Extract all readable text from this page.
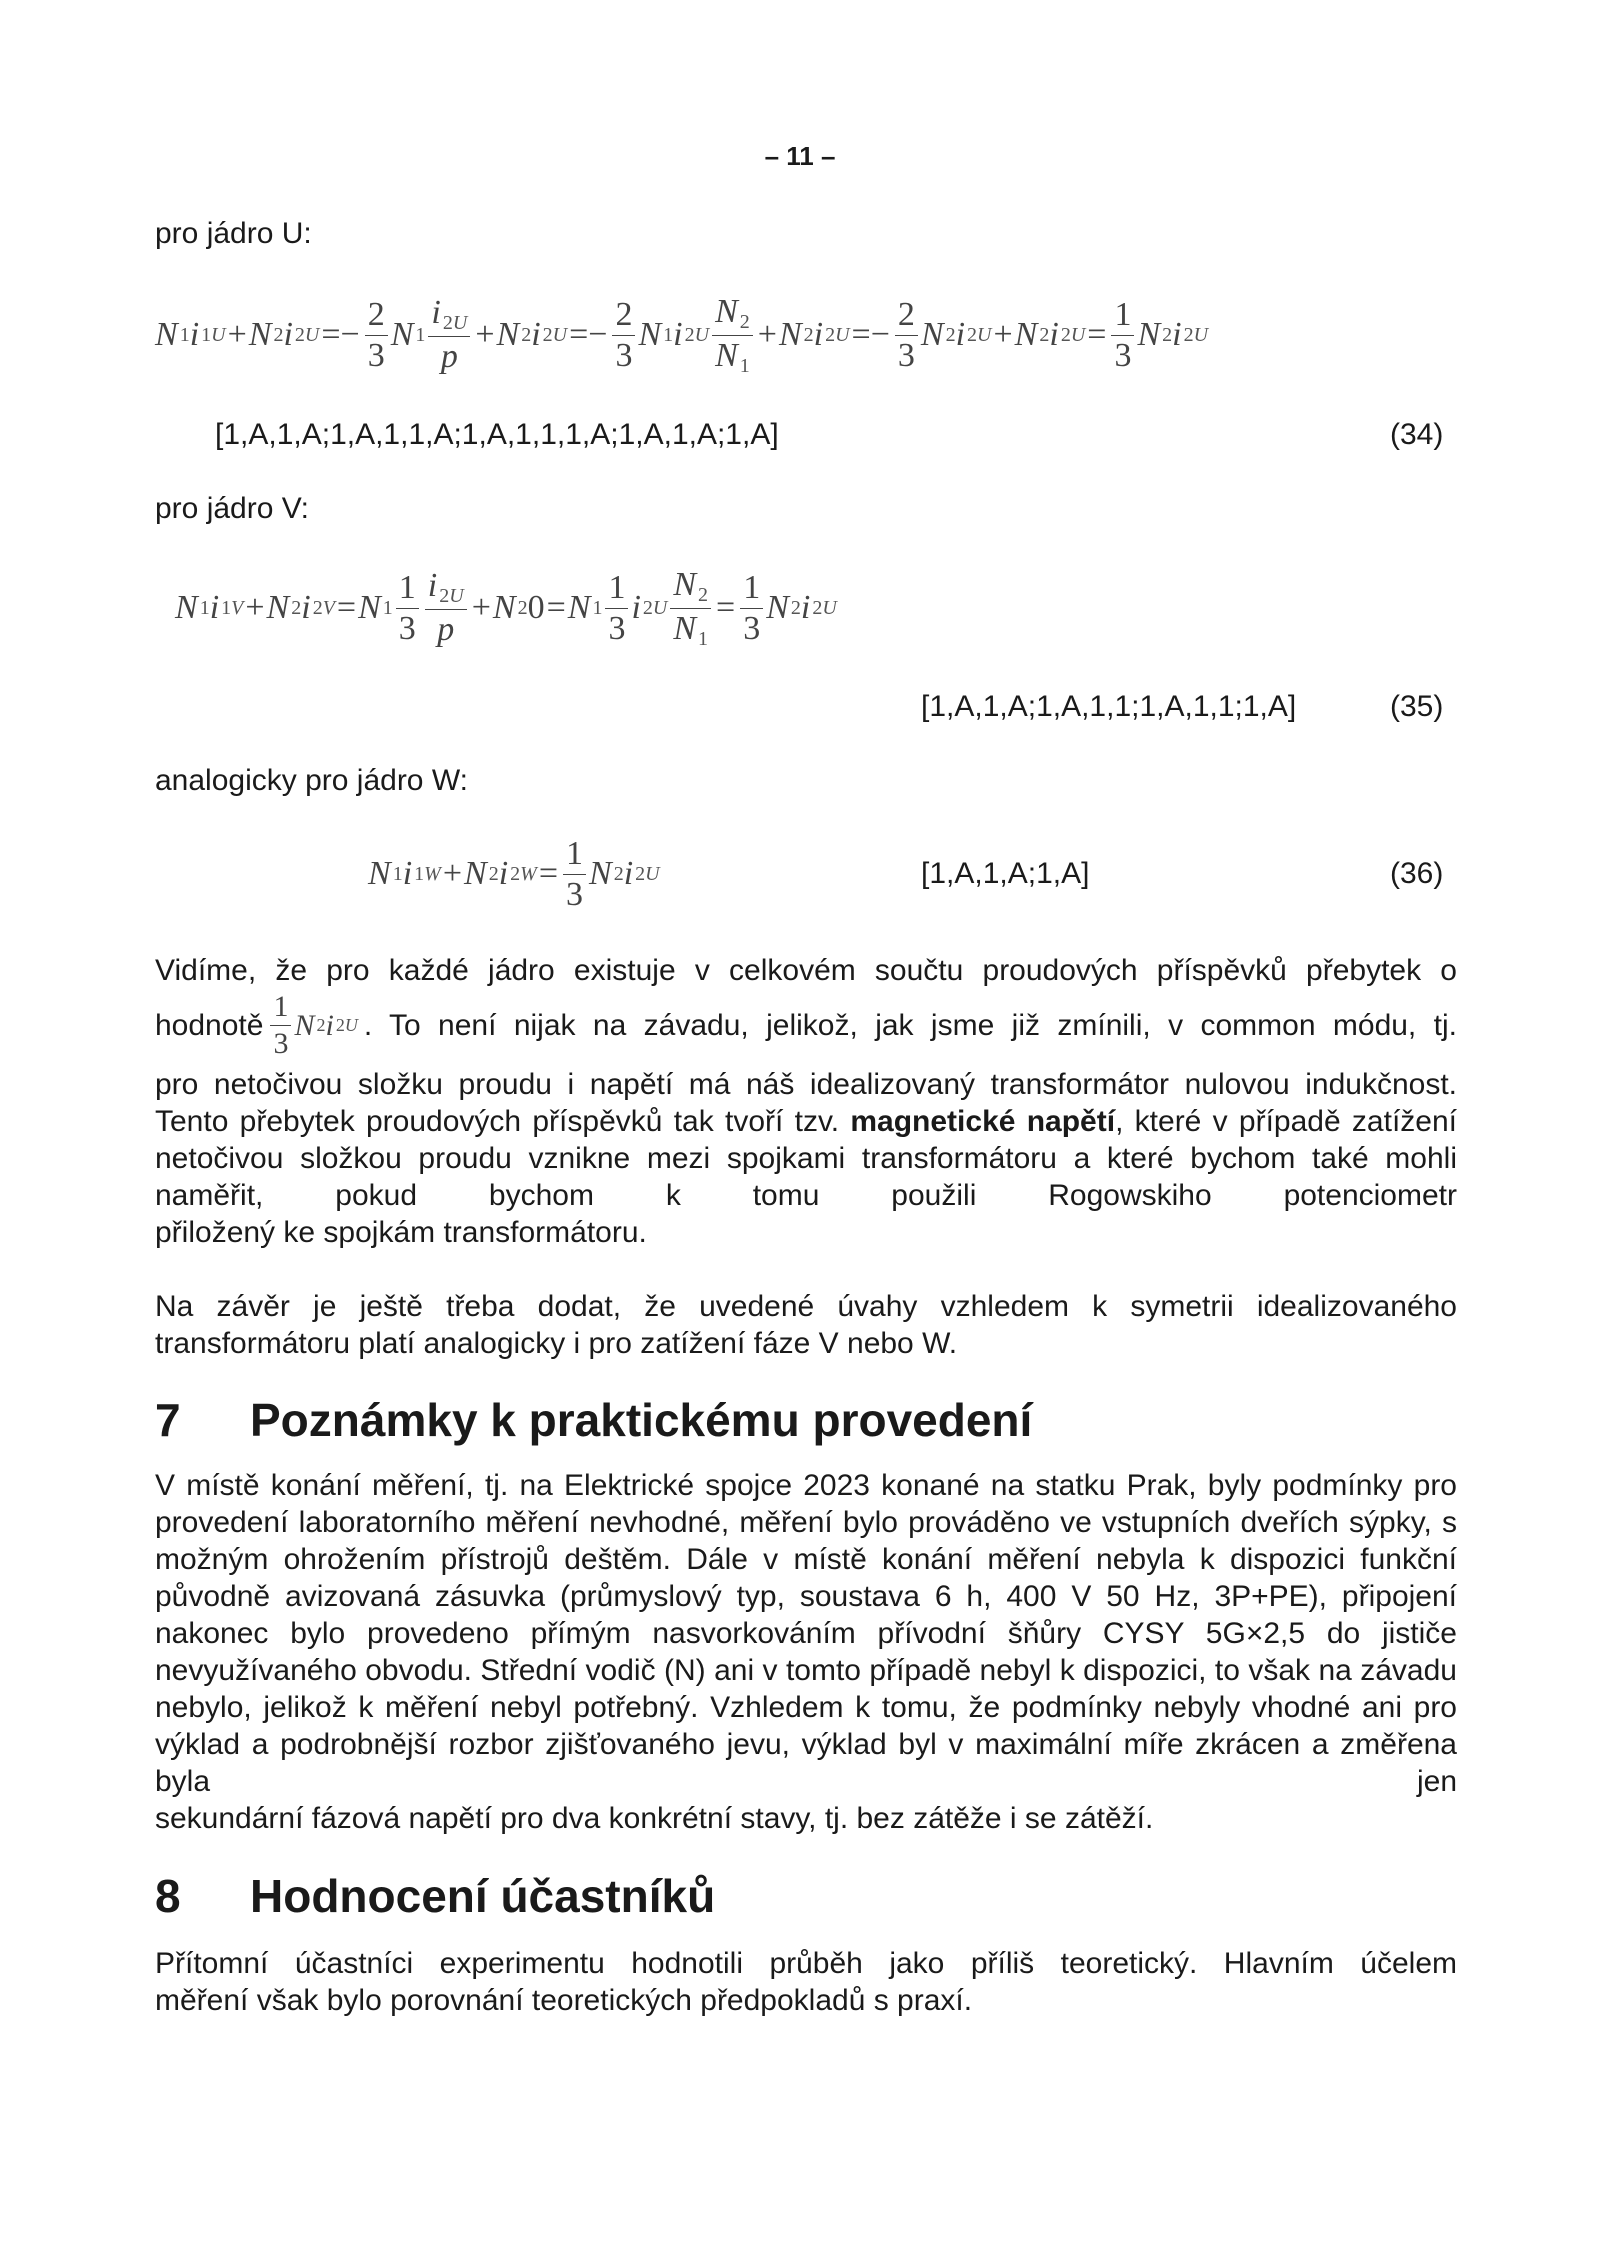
– 11 –
pro jádro U:
N 1 i 1U + N 2 i $2U =- \frac{2}{3}$ N $1 \frac{i _{2U}}{p} + N$ 2 i $2U =- \frac{2}{3}$ N 1 i $2U \frac{N _2}{N _1} + N$ 2 i $2U =- \frac{2}{3}$ N 2 i 2U + N 2 i $2U = \frac{1}{3}$ N 2 i 2U
[1,A,1,A;1,A,1,1,A;1,A,1,1,1,A;1,A,1,A;1,A]	(34)
pro jádro V:
N 1 i 1V + N 2 i 2V = N $1 \frac{1}{3} \frac{i _{2U}}{p} + N$ 2 0 = N $1 \frac{1}{3}$ i $2U \frac{N _2}{N _1} = \frac{1}{3}$ N 2 i 2U
[1,A,1,A;1,A,1,1;1,A,1,1;1,A]	(35)
analogicky pro jádro W:
N 1 i 1W + N 2 i $2W = \frac{1}{3}$ N 2 i 2U	[1,A,1,A;1,A]	(36)
Vidíme, že pro každé jádro existuje v celkovém součtu proudových příspěvků přebytek o
hodnotě $\frac{1}{3}$ N 2 i 2U . To není nijak na závadu, jelikož, jak jsme již zmínili, v common módu, tj.
pro netočivou složku proudu i napětí má náš idealizovaný transformátor nulovou indukčnost. Tento přebytek proudových příspěvků tak tvoří tzv. magnetické napětí, které v případě zatížení netočivou složkou proudu vznikne mezi spojkami transformátoru a které bychom také mohli naměřit, pokud bychom k tomu použili Rogowskiho potenciometr
přiložený ke spojkám transformátoru.
Na závěr je ještě třeba dodat, že uvedené úvahy vzhledem k symetrii idealizovaného
transformátoru platí analogicky i pro zatížení fáze V nebo W.
7 Poznámky k praktickému provedení
V místě konání měření, tj. na Elektrické spojce 2023 konané na statku Prak, byly podmínky pro provedení laboratorního měření nevhodné, měření bylo prováděno ve vstupních dveřích sýpky, s možným ohrožením přístrojů deštěm. Dále v místě konání měření nebyla k dispozici funkční původně avizovaná zásuvka (průmyslový typ, soustava 6 h, 400 V 50 Hz, 3P+PE), připojení nakonec bylo provedeno přímým nasvorkováním přívodní šňůry CYSY 5G×2,5 do jističe nevyužívaného obvodu. Střední vodič (N) ani v tomto případě nebyl k dispozici, to však na závadu nebylo, jelikož k měření nebyl potřebný. Vzhledem k tomu, že podmínky nebyly vhodné ani pro výklad a podrobnější rozbor zjišťovaného jevu, výklad byl v maximální míře zkrácen a změřena byla jen
sekundární fázová napětí pro dva konkrétní stavy, tj. bez zátěže i se zátěží.
8 Hodnocení účastníků
Přítomní účastníci experimentu hodnotili průběh jako příliš teoretický. Hlavním účelem
měření však bylo porovnání teoretických předpokladů s praxí.
